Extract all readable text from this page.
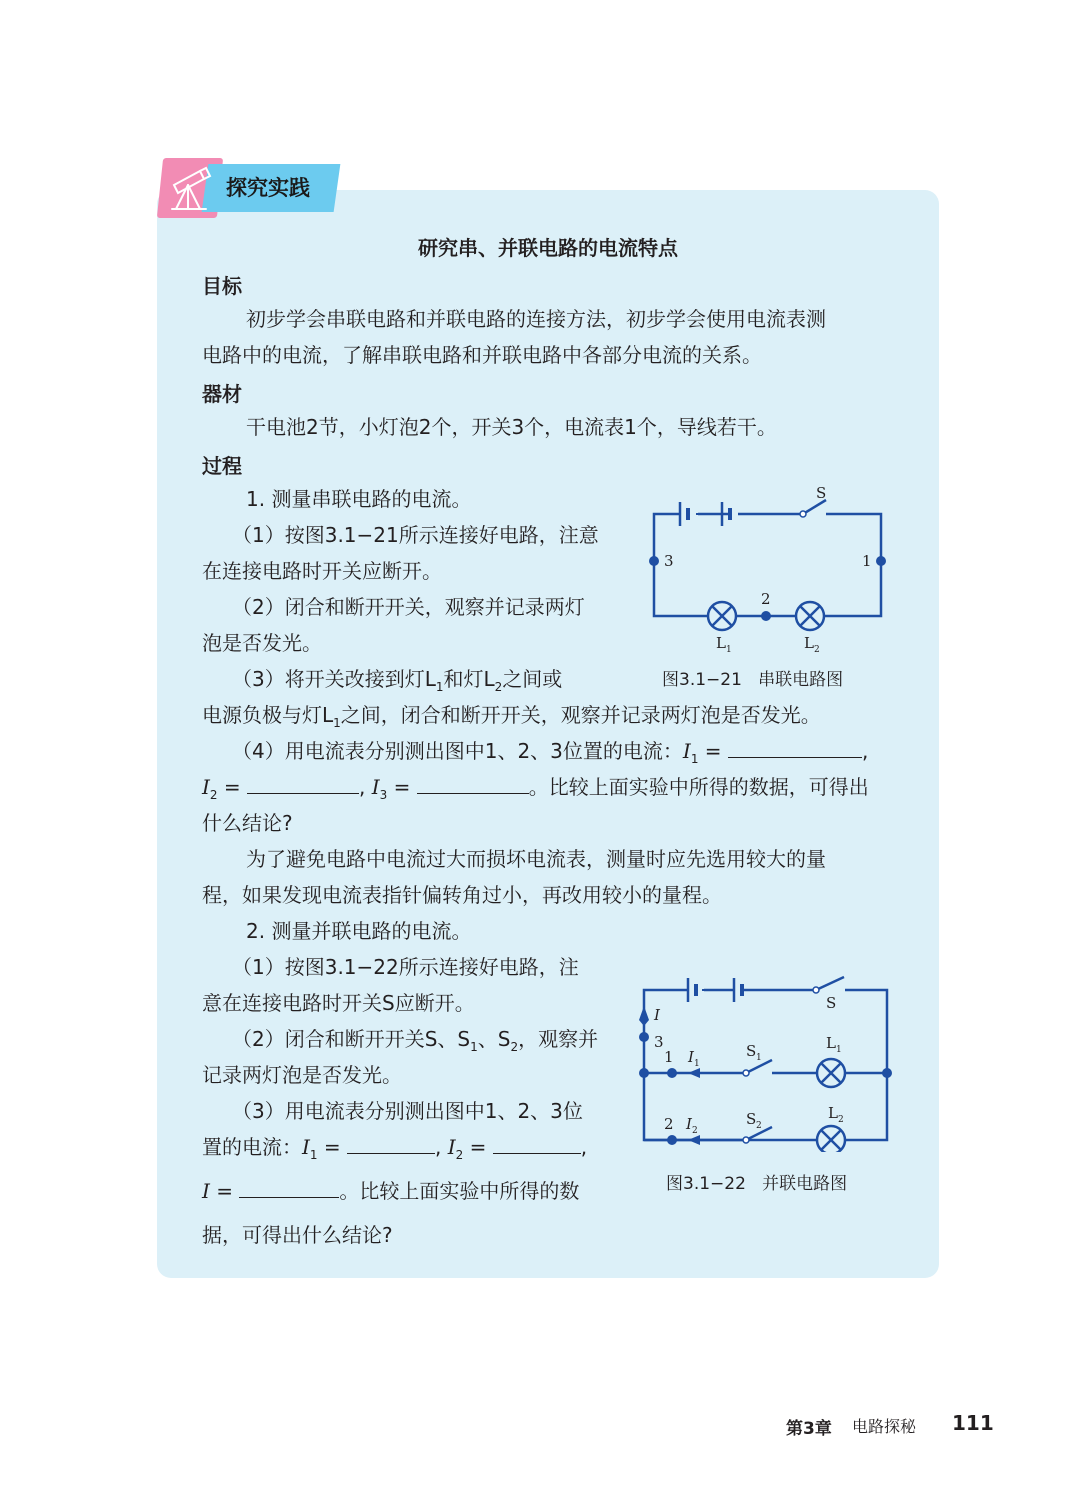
探究实践
研究串、并联电路的电流特点
目标
初步学会串联电路和并联电路的连接方法，初步学会使用电流表测
电路中的电流，了解串联电路和并联电路中各部分电流的关系。
器材
干电池2节，小灯泡2个，开关3个，电流表1个，导线若干。
过程
1. 测量串联电路的电流。
（1）按图3.1−21所示连接好电路，注意
在连接电路时开关应断开。
（2）闭合和断开开关，观察并记录两灯
泡是否发光。
（3）将开关改接到灯$L_1$和灯$L_2$之间或
电源负极与灯$L_1$之间，闭合和断开开关，观察并记录两灯泡是否发光。
（4）用电流表分别测出图中1、2、3位置的电流：$I_1$ =	,
$I_2$ =	, $I_3$ =	。比较上面实验中所得的数据，可得出
什么结论?
为了避免电路中电流过大而损坏电流表，测量时应先选用较大的量
程，如果发现电流表指针偏转角过小，再改用较小的量程。
2. 测量并联电路的电流。
（1）按图3.1−22所示连接好电路，注
意在连接电路时开关S应断开。
（2）闭合和断开开关S、$S_1$、$S_2$，观察并
记录两灯泡是否发光。
（3）用电流表分别测出图中1、2、3位
置的电流：$I_1$ =	, $I_2$ =	,
I =	。比较上面实验中所得的数
据，可得出什么结论?
S
3	1
2
L 1	L 2
图3.1−21 串联电路图
S
I
3
1 I 1
S 1
L 1
2 I 2
S 2
L 2
图3.1−22 并联电路图
第3章 电路探秘 111
